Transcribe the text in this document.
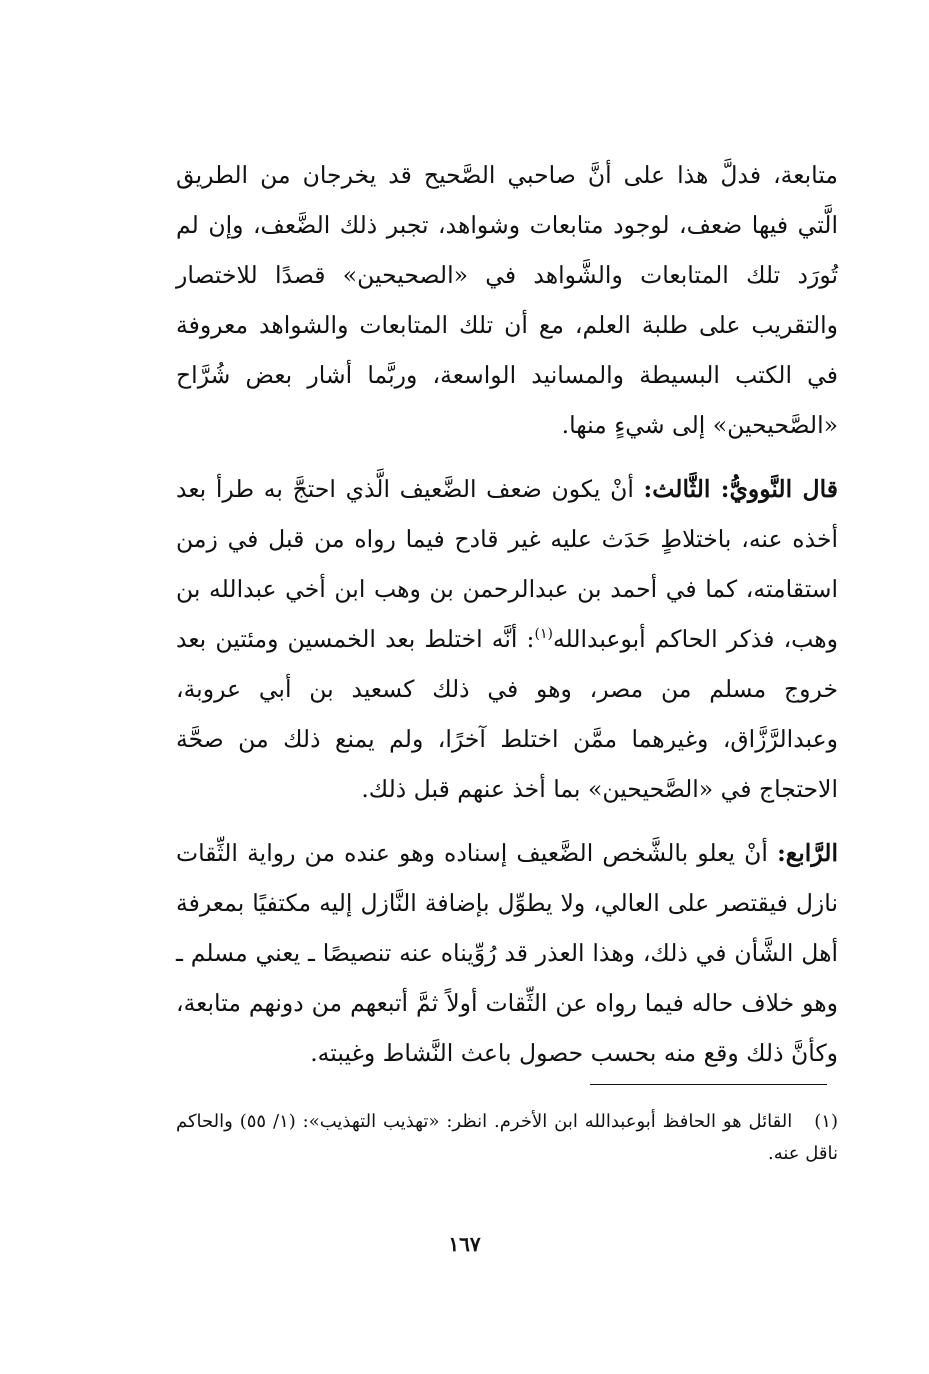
متابعة، فدلَّ هذا على أنَّ صاحبي الصَّحيح قد يخرجان من الطريق الَّتي فيها ضعف، لوجود متابعات وشواهد، تجبر ذلك الضَّعف، وإن لم تُورَد تلك المتابعات والشَّواهد في «الصحيحين» قصدًا للاختصار والتقريب على طلبة العلم، مع أن تلك المتابعات والشواهد معروفة في الكتب البسيطة والمسانيد الواسعة، وربَّما أشار بعض شُرَّاح «الصَّحيحين» إلى شيءٍ منها.

قال النَّوويُّ: الثَّالث: أنْ يكون ضعف الضَّعيف الَّذي احتجَّ به طرأ بعد أخذه عنه، باختلاطٍ حَدَث عليه غير قادح فيما رواه من قبل في زمن استقامته، كما في أحمد بن عبدالرحمن بن وهب ابن أخي عبدالله بن وهب، فذكر الحاكم أبوعبدالله$^{(١)}$: أنَّه اختلط بعد الخمسين ومئتين بعد خروج مسلم من مصر، وهو في ذلك كسعيد بن أبي عروبة، وعبدالرَّزَّاق، وغيرهما ممَّن اختلط آخرًا، ولم يمنع ذلك من صحَّة الاحتجاج في «الصَّحيحين» بما أخذ عنهم قبل ذلك.

الرَّابع: أنْ يعلو بالشَّخص الضَّعيف إسناده وهو عنده من رواية الثِّقات نازل فيقتصر على العالي، ولا يطوِّل بإضافة النَّازل إليه مكتفيًا بمعرفة أهل الشَّأن في ذلك، وهذا العذر قد رُوِّيناه عنه تنصيصًا ـ يعني مسلم ـ وهو خلاف حاله فيما رواه عن الثِّقات أولاً ثمَّ أتبعهم من دونهم متابعة، وكأنَّ ذلك وقع منه بحسب حصول باعث النَّشاط وغيبته.

(١)القائل هو الحافظ أبوعبدالله ابن الأخرم. انظر: «تهذيب التهذيب»: (١/ ٥٥) والحاكم ناقل عنه.
١٦٧
